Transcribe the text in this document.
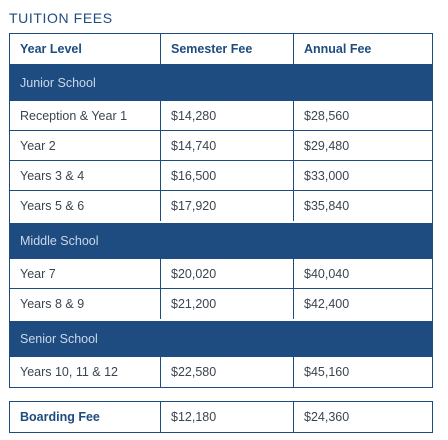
TUITION FEES
Year Level	Semester Fee	Annual Fee
Junior School
Reception & Year 1	$14,280	$28,560
Year 2	$14,740	$29,480
Years 3 & 4	$16,500	$33,000
Years 5 & 6	$17,920	$35,840
Middle School
Year 7	$20,020	$40,040
Years 8 & 9	$21,200	$42,400
Senior School
Years 10, 11 & 12	$22,580	$45,160
Boarding Fee	$12,180	$24,360
